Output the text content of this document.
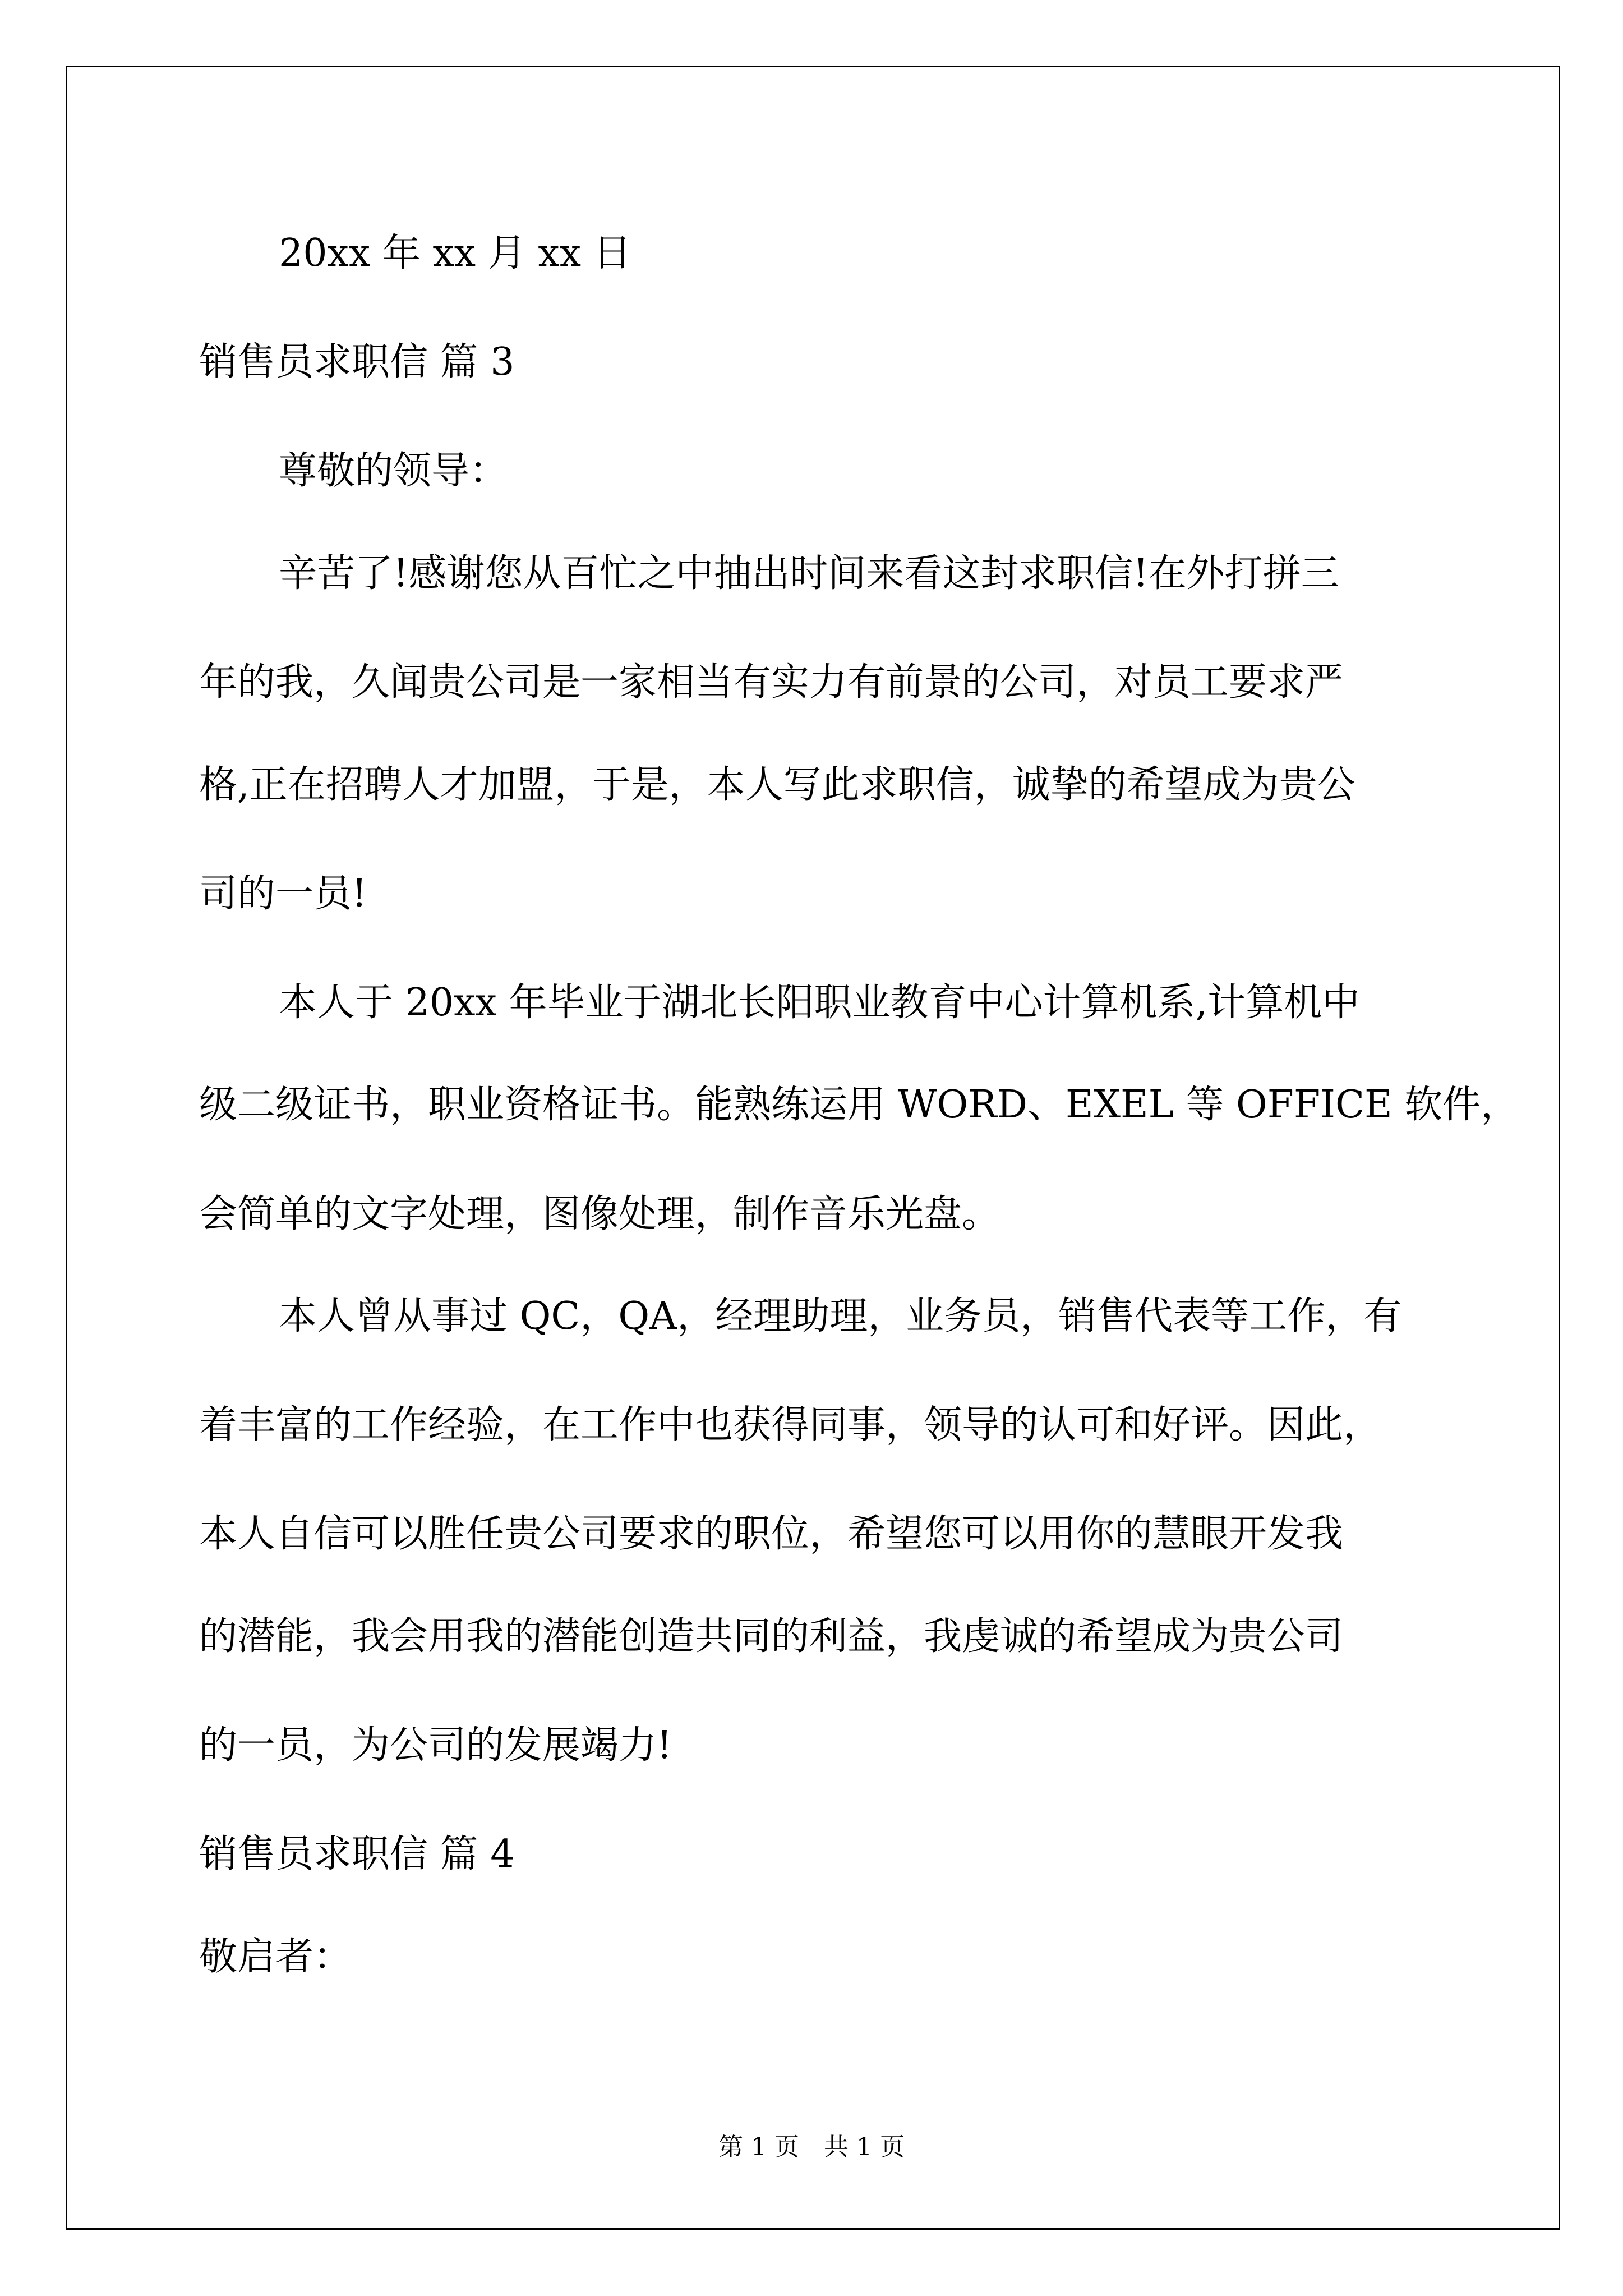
20xx 年 xx 月 xx 日
销售员求职信 篇 3
尊敬的领导：
辛苦了!感谢您从百忙之中抽出时间来看这封求职信!在外打拼三
年的我，久闻贵公司是一家相当有实力有前景的公司，对员工要求严
格,正在招聘人才加盟，于是，本人写此求职信，诚挚的希望成为贵公
司的一员!
本人于 20xx 年毕业于湖北长阳职业教育中心计算机系,计算机中
级二级证书，职业资格证书。能熟练运用 WORD、EXEL 等 OFFICE 软件，
会简单的文字处理，图像处理，制作音乐光盘。
本人曾从事过 QC，QA，经理助理，业务员，销售代表等工作，有
着丰富的工作经验，在工作中也获得同事，领导的认可和好评。因此，
本人自信可以胜任贵公司要求的职位，希望您可以用你的慧眼开发我
的潜能，我会用我的潜能创造共同的利益，我虔诚的希望成为贵公司
的一员，为公司的发展竭力!
销售员求职信 篇 4
敬启者：
第 1 页　共 1 页
